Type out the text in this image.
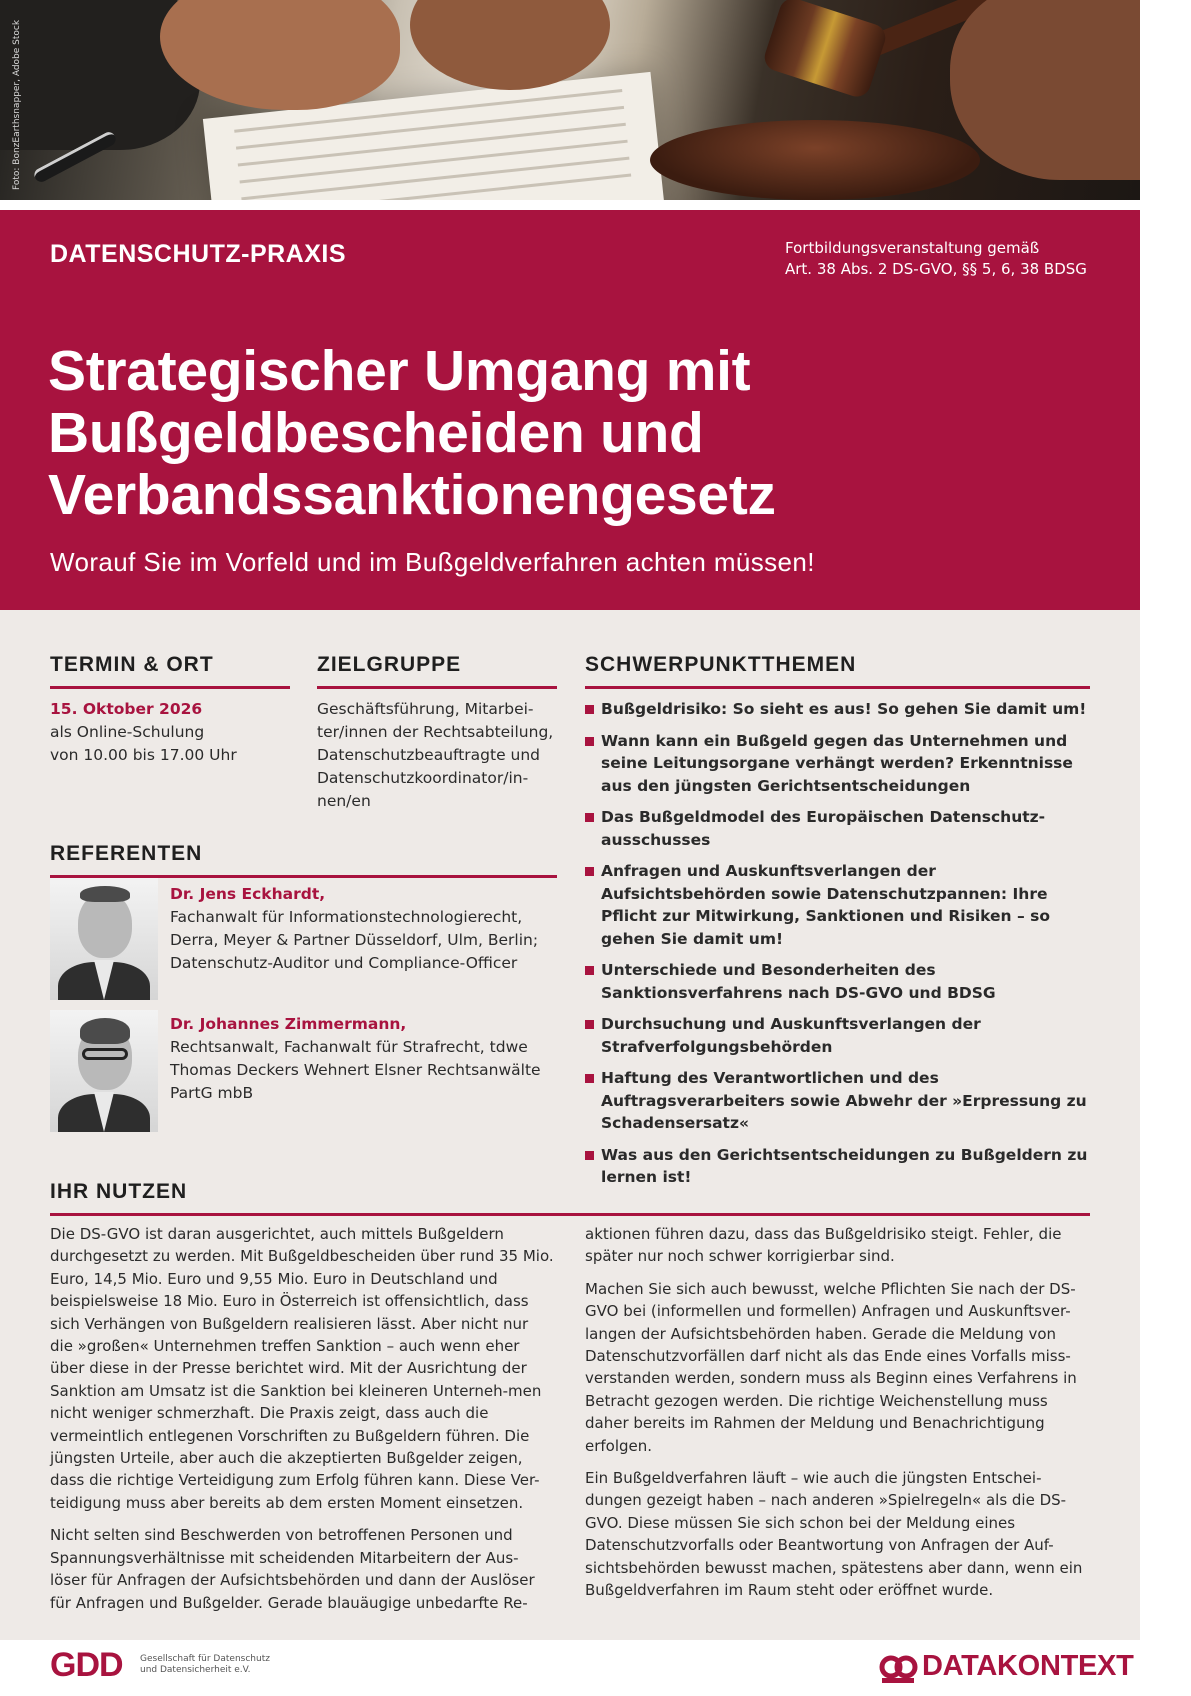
Foto: BonzEarthsnapper, Adobe Stock
DATENSCHUTZ-PRAXIS	Fortbildungsveranstaltung gemäß
Art. 38 Abs. 2 DS-GVO, §§ 5, 6, 38 BDSG
Strategischer Umgang mit
Bußgeldbescheiden und
Verbandssanktionengesetz
Worauf Sie im Vorfeld und im Bußgeldverfahren achten müssen!
TERMIN & ORT
15. Oktober 2026
als Online-Schulung
von 10.00 bis 17.00 Uhr
ZIELGRUPPE
Geschäftsführung, Mitarbei-ter/innen der Rechtsabteilung, Datenschutzbeauftragte und Datenschutzkoordinator/in-nen/en
SCHWERPUNKTTHEMEN
Bußgeldrisiko: So sieht es aus! So gehen Sie damit um!
Wann kann ein Bußgeld gegen das Unternehmen und seine Leitungsorgane verhängt werden? Erkenntnisse aus den jüngsten Gerichtsentscheidungen
Das Bußgeldmodel des Europäischen Datenschutz-ausschusses
Anfragen und Auskunftsverlangen der Aufsichtsbehörden sowie Datenschutzpannen: Ihre Pflicht zur Mitwirkung, Sanktionen und Risiken – so gehen Sie damit um!
Unterschiede und Besonderheiten des Sanktionsverfahrens nach DS-GVO und BDSG
Durchsuchung und Auskunftsverlangen der Strafverfolgungsbehörden
Haftung des Verantwortlichen und des Auftragsverarbeiters sowie Abwehr der »Erpressung zu Schadensersatz«
Was aus den Gerichtsentscheidungen zu Bußgeldern zu lernen ist!
REFERENTEN
Dr. Jens Eckhardt,
Fachanwalt für Informationstechnologierecht, Derra, Meyer & Partner Düsseldorf, Ulm, Berlin; Datenschutz-Auditor und Compliance-Officer
Dr. Johannes Zimmermann,
Rechtsanwalt, Fachanwalt für Strafrecht, tdwe Thomas Deckers Wehnert Elsner Rechtsanwälte PartG mbB
IHR NUTZEN

Die DS-GVO ist daran ausgerichtet, auch mittels Bußgeldern durchgesetzt zu werden. Mit Bußgeldbescheiden über rund 35 Mio. Euro, 14,5 Mio. Euro und 9,55 Mio. Euro in Deutschland und beispielsweise 18 Mio. Euro in Österreich ist offensichtlich, dass sich Verhängen von Bußgeldern realisieren lässt. Aber nicht nur die »großen« Unternehmen treffen Sanktion – auch wenn eher über diese in der Presse berichtet wird. Mit der Ausrichtung der Sanktion am Umsatz ist die Sanktion bei kleineren Unterneh-men nicht weniger schmerzhaft. Die Praxis zeigt, dass auch die vermeintlich entlegenen Vorschriften zu Bußgeldern führen. Die jüngsten Urteile, aber auch die akzeptierten Bußgelder zeigen, dass die richtige Verteidigung zum Erfolg führen kann. Diese Ver-teidigung muss aber bereits ab dem ersten Moment einsetzen.

Nicht selten sind Beschwerden von betroffenen Personen und Spannungsverhältnisse mit scheidenden Mitarbeitern der Aus-löser für Anfragen der Aufsichtsbehörden und dann der Auslöser für Anfragen und Bußgelder. Gerade blauäugige unbedarfte Re-

aktionen führen dazu, dass das Bußgeldrisiko steigt. Fehler, die später nur noch schwer korrigierbar sind.

Machen Sie sich auch bewusst, welche Pflichten Sie nach der DS-GVO bei (informellen und formellen) Anfragen und Auskunftsver-langen der Aufsichtsbehörden haben. Gerade die Meldung von Datenschutzvorfällen darf nicht als das Ende eines Vorfalls miss-verstanden werden, sondern muss als Beginn eines Verfahrens in Betracht gezogen werden. Die richtige Weichenstellung muss daher bereits im Rahmen der Meldung und Benachrichtigung erfolgen.

Ein Bußgeldverfahren läuft – wie auch die jüngsten Entschei-dungen gezeigt haben – nach anderen »Spielregeln« als die DS-GVO. Diese müssen Sie sich schon bei der Meldung eines Datenschutzvorfalls oder Beantwortung von Anfragen der Auf-sichtsbehörden bewusst machen, spätestens aber dann, wenn ein Bußgeldverfahren im Raum steht oder eröffnet wurde.

GDD Gesellschaft für Datenschutz
und Datensicherheit e.V.	DATAKONTEXT
